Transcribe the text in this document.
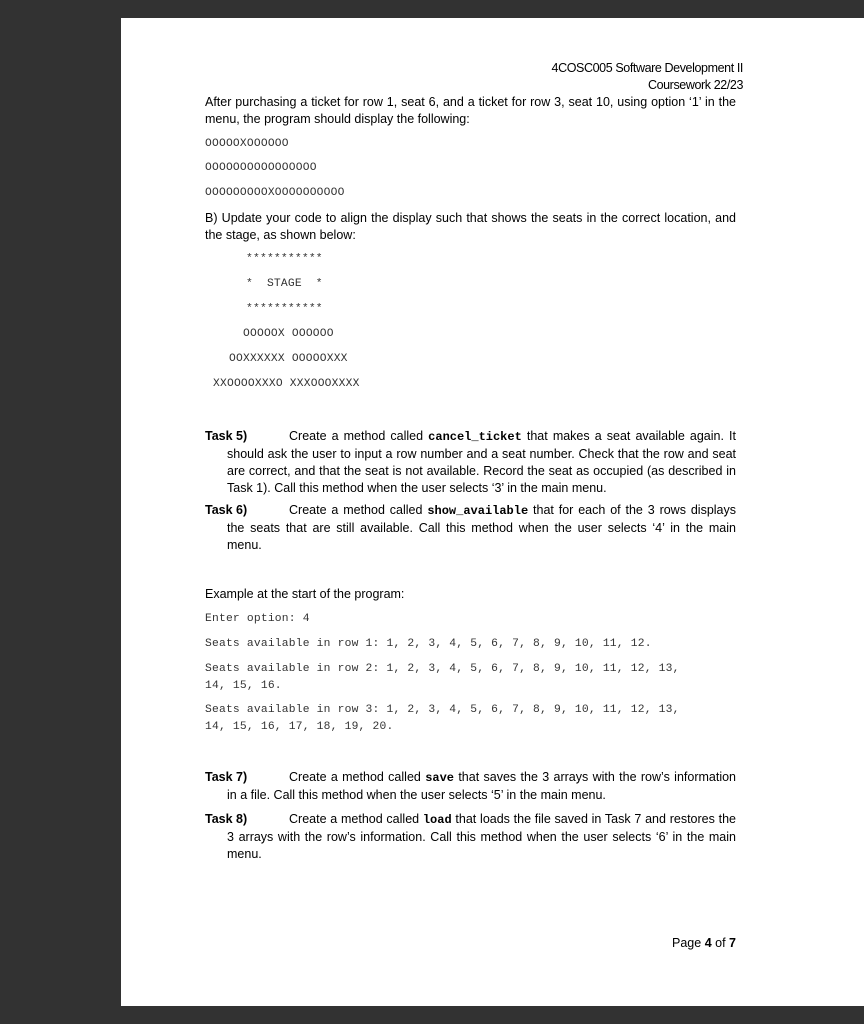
4COSC005 Software Development II
Coursework 22/23
After purchasing a ticket for row 1, seat 6, and a ticket for row 3, seat 10, using option ‘1’ in the menu, the program should display the following:
OOOOOXOOOOOO
OOOOOOOOOOOOOOOO
OOOOOOOOOXOOOOOOOOOO
B) Update your code to align the display such that shows the seats in the correct location, and the stage, as shown below:
***********
*  STAGE  *
***********
OOOOOX OOOOOO
OOXXXXXX OOOOOXXX
XXOOOOXXXO XXXOOOXXXX
Task 5)	Create a method called cancel_ticket that makes a seat available again. It should ask the user to input a row number and a seat number. Check that the row and seat are correct, and that the seat is not available. Record the seat as occupied (as described in Task 1). Call this method when the user selects ‘3’ in the main menu.
Task 6)	Create a method called show_available that for each of the 3 rows displays the seats that are still available. Call this method when the user selects ‘4’ in the main menu.
Example at the start of the program:
Enter option: 4
Seats available in row 1: 1, 2, 3, 4, 5, 6, 7, 8, 9, 10, 11, 12.
Seats available in row 2: 1, 2, 3, 4, 5, 6, 7, 8, 9, 10, 11, 12, 13,
14, 15, 16.
Seats available in row 3: 1, 2, 3, 4, 5, 6, 7, 8, 9, 10, 11, 12, 13,
14, 15, 16, 17, 18, 19, 20.
Task 7)	Create a method called save that saves the 3 arrays with the row’s information in a file. Call this method when the user selects ‘5’ in the main menu.
Task 8)	Create a method called load that loads the file saved in Task 7 and restores the 3 arrays with the row’s information. Call this method when the user selects ‘6’ in the main menu.
Page 4 of 7
